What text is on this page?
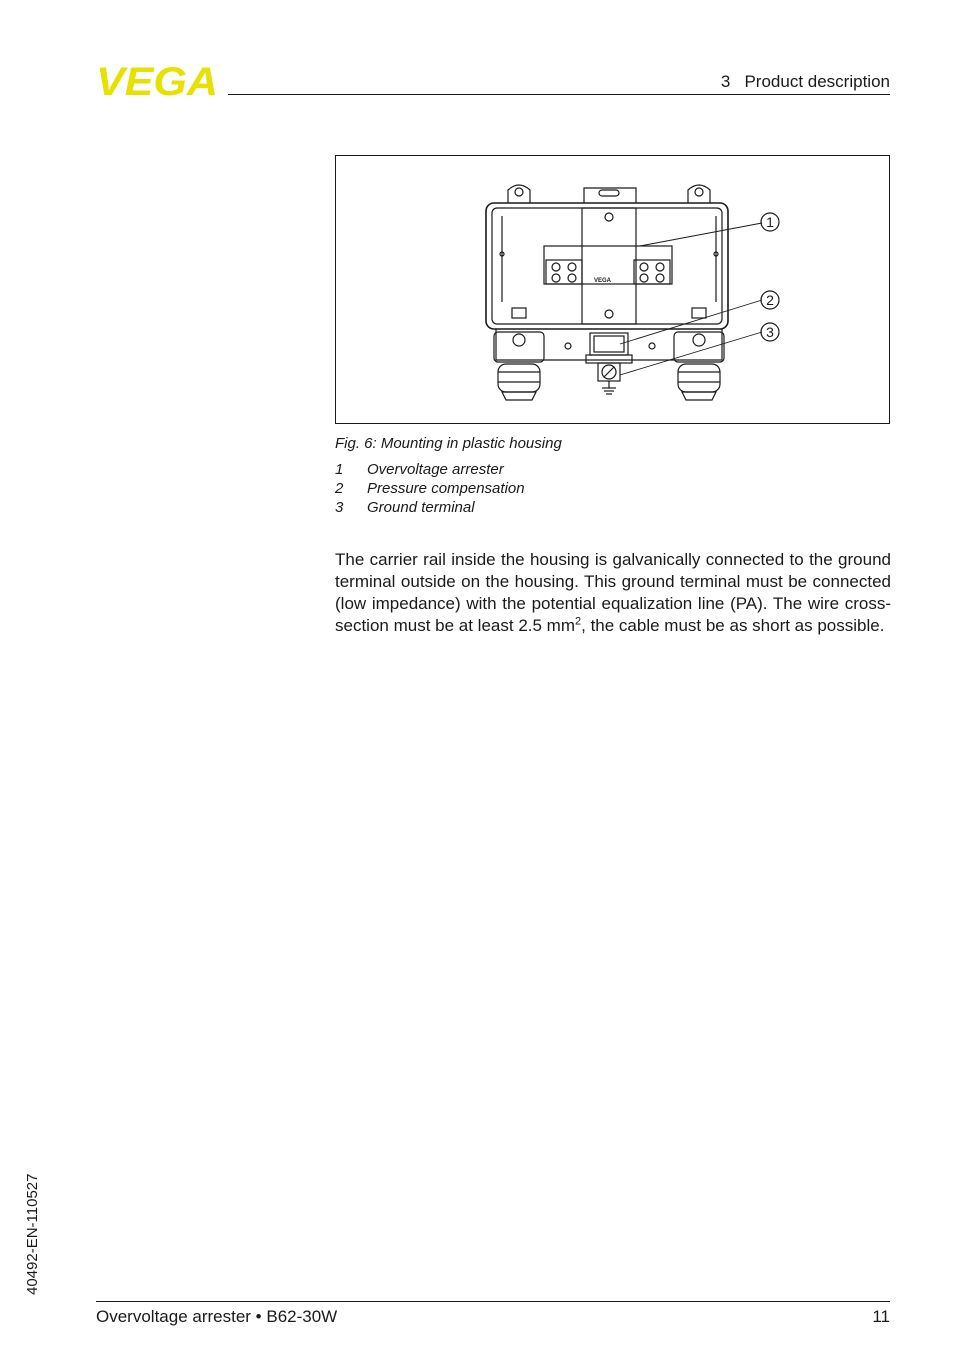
VEGA	3   Product description
VEGA
1
2
3
Fig. 6: Mounting in plastic housing
1 Overvoltage arrester
2 Pressure compensation
3 Ground terminal

The carrier rail inside the housing is galvanically connected to the ground terminal outside on the housing. This ground terminal must be connected (low impedance) with the potential equalization line (PA). The wire cross-section must be at least 2.5 $mm^2$, the cable must be as short as possible.

40492-EN-110527
Overvoltage arrester • B62-30W	11
